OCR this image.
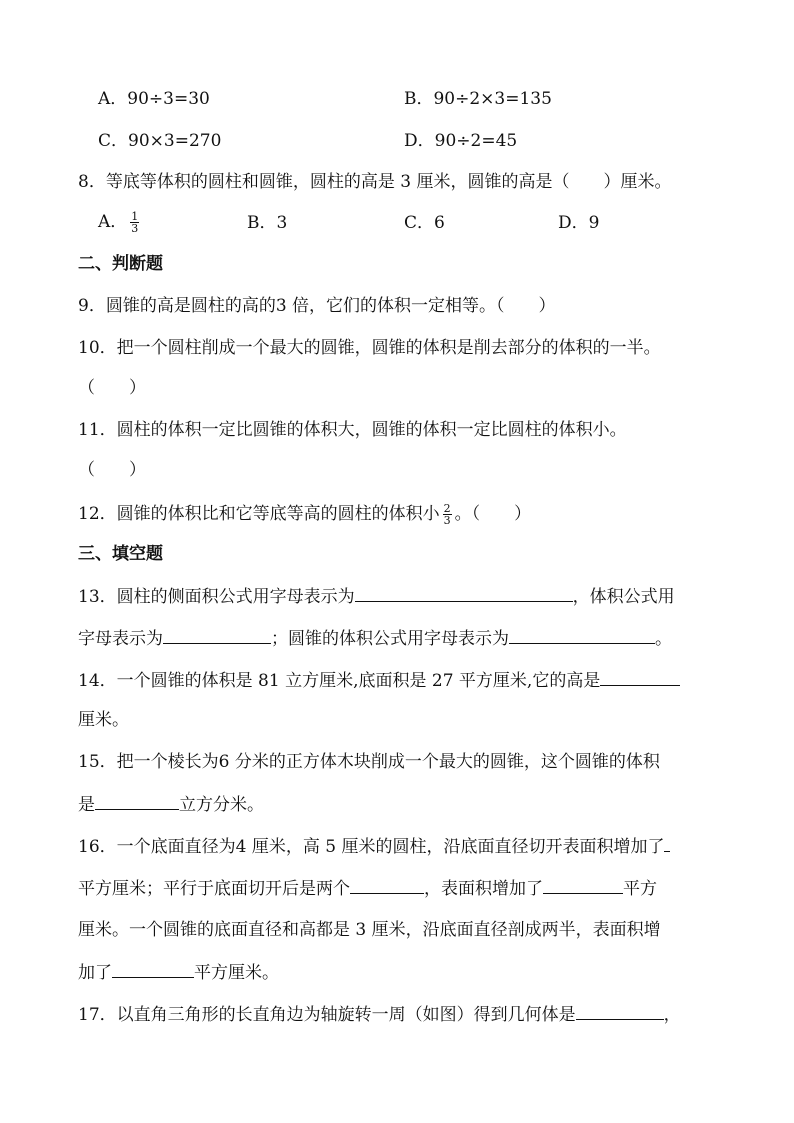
A．90÷3=30	B．90÷2×3=135
C．90×3=270	D．90÷2=45
8．等底等体积的圆柱和圆锥，圆柱的高是 3 厘米，圆锥的高是（　　）厘米。
A． $\frac{1}{3}$	B．3	C．6	D．9
二、判断题
9．圆锥的高是圆柱的高的3 倍，它们的体积一定相等。（　　）
10．把一个圆柱削成一个最大的圆锥，圆锥的体积是削去部分的体积的一半。
（　　）
11．圆柱的体积一定比圆锥的体积大，圆锥的体积一定比圆柱的体积小。
（　　）
12．圆锥的体积比和它等底等高的圆柱的体积小 $\frac{2}{3}$ 。（　　）
三、填空题
13．圆柱的侧面积公式用字母表示为	，体积公式用
字母表示为	；圆锥的体积公式用字母表示为	。
14．一个圆锥的体积是 81 立方厘米,底面积是 27 平方厘米,它的高是
厘米。
15．把一个棱长为6 分米的正方体木块削成一个最大的圆锥，这个圆锥的体积
是	立方分米。
16．一个底面直径为4 厘米，高 5 厘米的圆柱，沿底面直径切开表面积增加了
平方厘米；平行于底面切开后是两个	，表面积增加了	平方
厘米。一个圆锥的底面直径和高都是 3 厘米，沿底面直径剖成两半，表面积增
加了	平方厘米。
17．以直角三角形的长直角边为轴旋转一周（如图）得到几何体是	，
